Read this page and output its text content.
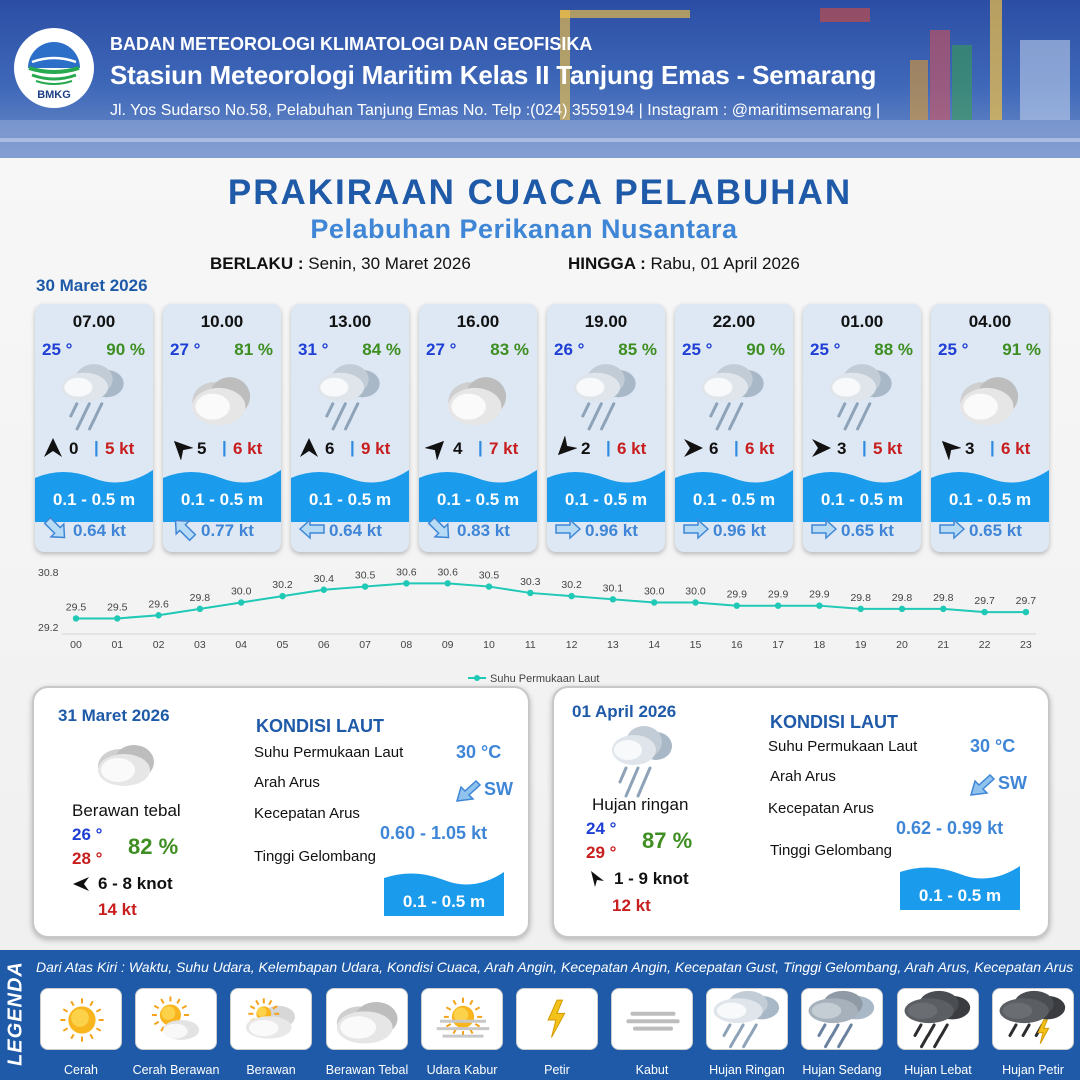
BMKG
BADAN METEOROLOGI KLIMATOLOGI DAN GEOFISIKA
Stasiun Meteorologi Maritim Kelas II Tanjung Emas - Semarang
Jl. Yos Sudarso No.58, Pelabuhan Tanjung Emas No. Telp :(024) 3559194 | Instagram : @maritimsemarang |
PRAKIRAAN CUACA PELABUHAN
Pelabuhan Perikanan Nusantara
BERLAKU : Senin, 30 Maret 2026	HINGGA : Rabu, 01 April 2026
30 Maret 2026
07.00
25 ° 90 %
0 | 5 kt
0.1 - 0.5 m
0.64 kt
10.00
27 ° 81 %
5 | 6 kt
0.1 - 0.5 m
0.77 kt
13.00
31 ° 84 %
6 | 9 kt
0.1 - 0.5 m
0.64 kt
16.00
27 ° 83 %
4 | 7 kt
0.1 - 0.5 m
0.83 kt
19.00
26 ° 85 %
2 | 6 kt
0.1 - 0.5 m
0.96 kt
22.00
25 ° 90 %
6 | 6 kt
0.1 - 0.5 m
0.96 kt
01.00
25 ° 88 %
3 | 5 kt
0.1 - 0.5 m
0.65 kt
04.00
25 ° 91 %
3 | 6 kt
0.1 - 0.5 m
0.65 kt
30.8
29.2
29.5
00
29.5
01
29.6
02
29.8
03
30.0
04
30.2
05
30.4
06
30.5
07
30.6
08
30.6
09
30.5
10
30.3
11
30.2
12
30.1
13
30.0
14
30.0
15
29.9
16
29.9
17
29.9
18
29.8
19
29.8
20
29.8
21
29.7
22
29.7
23
Suhu Permukaan Laut
31 Maret 2026
Berawan tebal
26 °
28 ° 82 %
6 - 8 knot
14 kt
KONDISI LAUT
Suhu Permukaan Laut	30 °C
Arah Arus	SW
Kecepatan Arus
0.60 - 1.05 kt
Tinggi Gelombang
0.1 - 0.5 m
01 April 2026
Hujan ringan
24 °
29 ° 87 %
1 - 9 knot
12 kt
KONDISI LAUT
Suhu Permukaan Laut	30 °C
Arah Arus	SW
Kecepatan Arus
0.62 - 0.99 kt
Tinggi Gelombang
0.1 - 0.5 m
LEGENDA Dari Atas Kiri : Waktu, Suhu Udara, Kelembapan Udara, Kondisi Cuaca, Arah Angin, Kecepatan Angin, Kecepatan Gust, Tinggi Gelombang, Arah Arus, Kecepatan Arus
Cerah	Cerah Berawan	Berawan	Berawan Tebal	Udara Kabur	Petir	Kabut	Hujan Ringan	Hujan Sedang	Hujan Lebat	Hujan Petir
